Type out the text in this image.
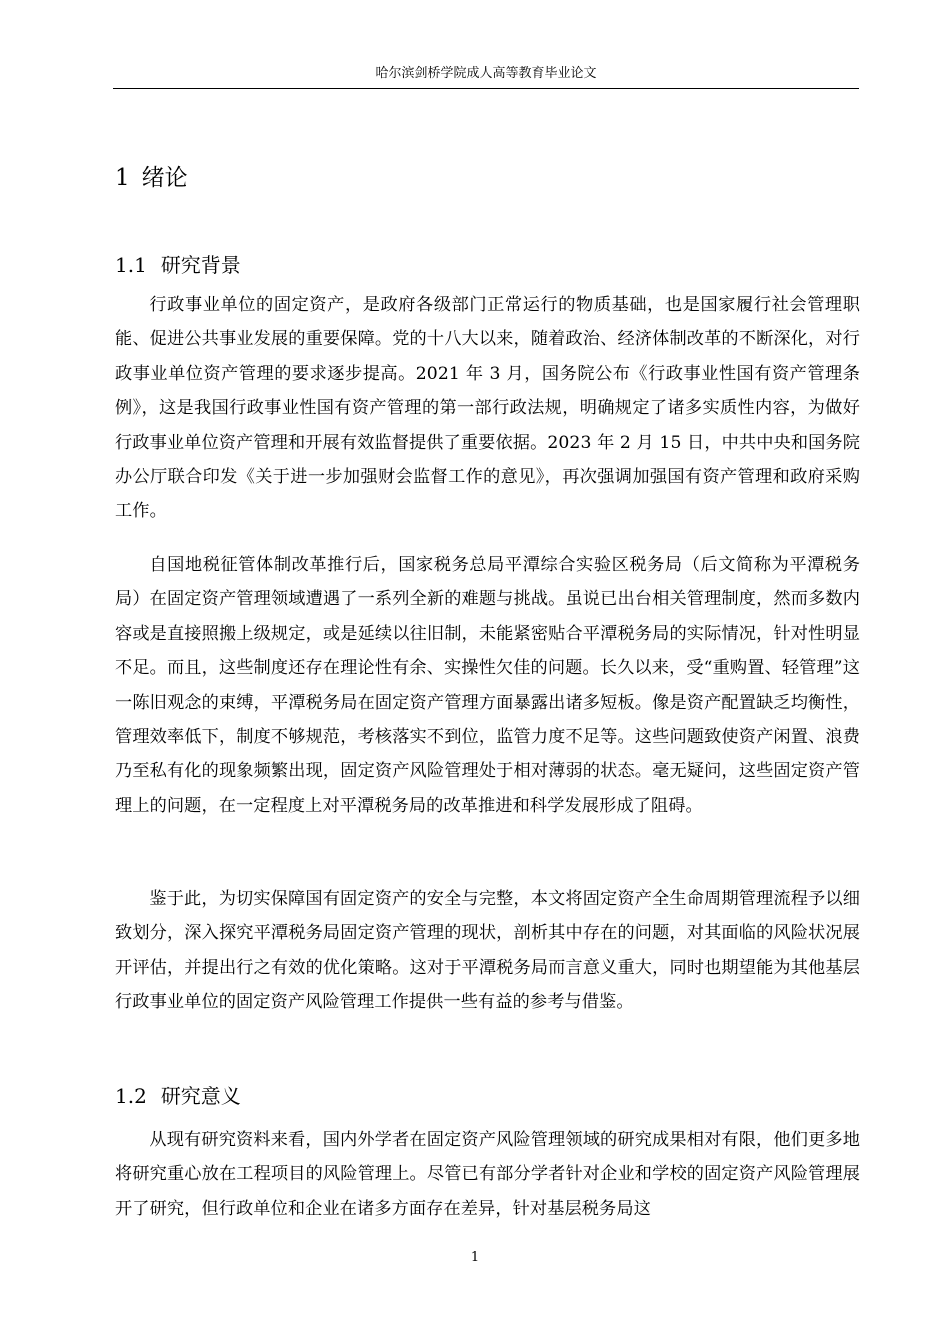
哈尔滨剑桥学院成人高等教育毕业论文
1 绪论
1.1 研究背景

行政事业单位的固定资产，是政府各级部门正常运行的物质基础，也是国家履行社会管理职能、促进公共事业发展的重要保障。党的十八大以来，随着政治、经济体制改革的不断深化，对行政事业单位资产管理的要求逐步提高。2021 年 3 月，国务院公布《行政事业性国有资产管理条例》，这是我国行政事业性国有资产管理的第一部行政法规，明确规定了诸多实质性内容，为做好行政事业单位资产管理和开展有效监督提供了重要依据。2023 年 2 月 15 日，中共中央和国务院办公厅联合印发《关于进一步加强财会监督工作的意见》，再次强调加强国有资产管理和政府采购工作。

自国地税征管体制改革推行后，国家税务总局平潭综合实验区税务局（后文简称为平潭税务局）在固定资产管理领域遭遇了一系列全新的难题与挑战。虽说已出台相关管理制度，然而多数内容或是直接照搬上级规定，或是延续以往旧制，未能紧密贴合平潭税务局的实际情况，针对性明显不足。而且，这些制度还存在理论性有余、实操性欠佳的问题。长久以来，受“重购置、轻管理”这一陈旧观念的束缚，平潭税务局在固定资产管理方面暴露出诸多短板。像是资产配置缺乏均衡性，管理效率低下，制度不够规范，考核落实不到位，监管力度不足等。这些问题致使资产闲置、浪费乃至私有化的现象频繁出现，固定资产风险管理处于相对薄弱的状态。毫无疑问，这些固定资产管理上的问题，在一定程度上对平潭税务局的改革推进和科学发展形成了阻碍。

鉴于此，为切实保障国有固定资产的安全与完整，本文将固定资产全生命周期管理流程予以细致划分，深入探究平潭税务局固定资产管理的现状，剖析其中存在的问题，对其面临的风险状况展开评估，并提出行之有效的优化策略。这对于平潭税务局而言意义重大，同时也期望能为其他基层行政事业单位的固定资产风险管理工作提供一些有益的参考与借鉴。

1.2 研究意义

从现有研究资料来看，国内外学者在固定资产风险管理领域的研究成果相对有限，他们更多地将研究重心放在工程项目的风险管理上。尽管已有部分学者针对企业和学校的固定资产风险管理展开了研究，但行政单位和企业在诸多方面存在差异，针对基层税务局这

1
